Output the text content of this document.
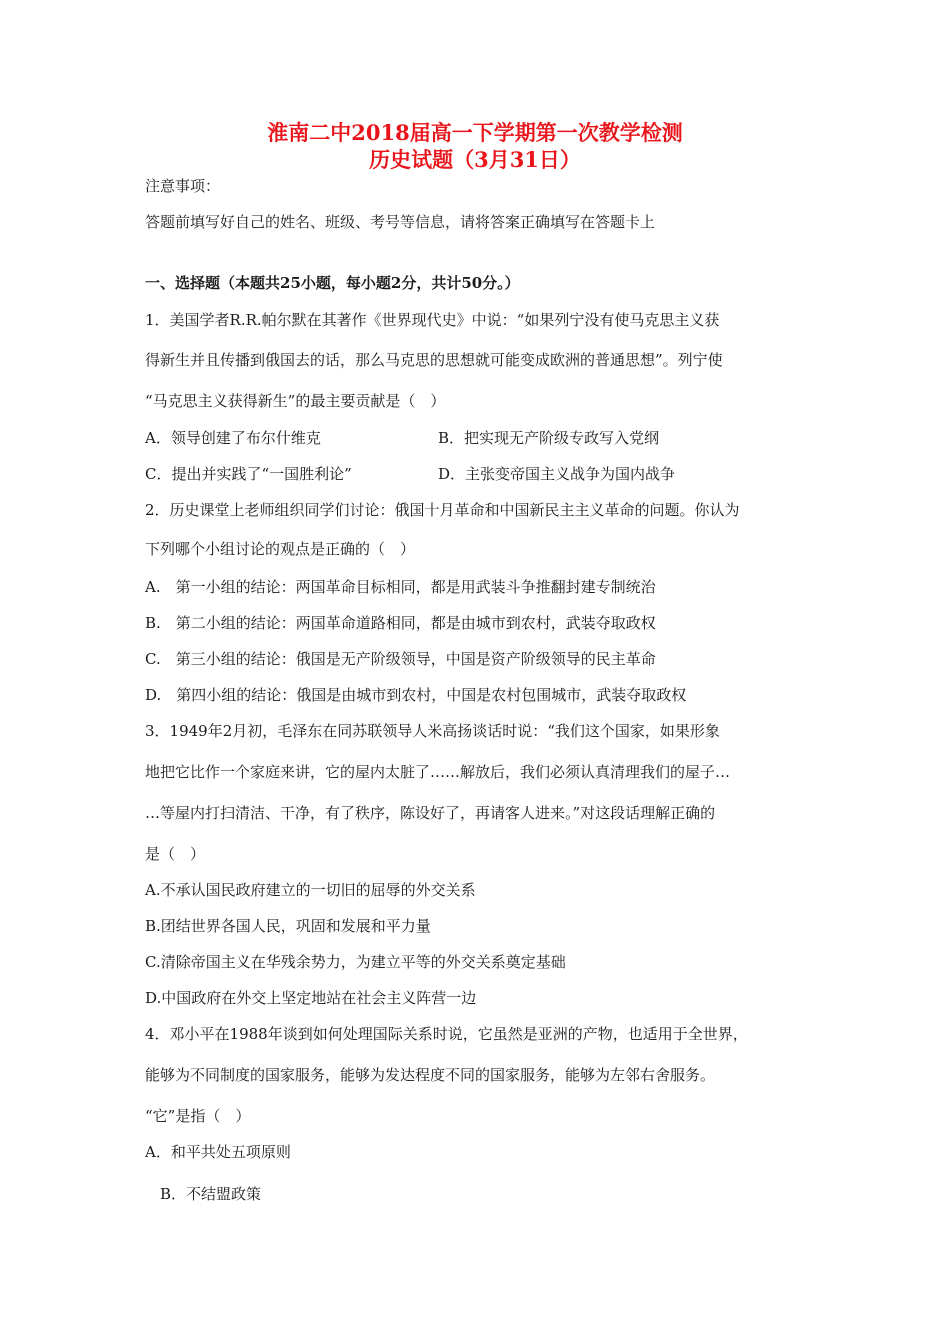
淮南二中2018届高一下学期第一次教学检测
历史试题（3月31日）
注意事项：
答题前填写好自己的姓名、班级、考号等信息，请将答案正确填写在答题卡上
一、选择题（本题共25小题，每小题2分，共计50分。）
1．美国学者R.R.帕尔默在其著作《世界现代史》中说：“如果列宁没有使马克思主义获
得新生并且传播到俄国去的话，那么马克思的思想就可能变成欧洲的普通思想”。列宁使
“马克思主义获得新生”的最主要贡献是（　）
A．领导创建了布尔什维克	B．把实现无产阶级专政写入党纲
C．提出并实践了“一国胜利论”	D．主张变帝国主义战争为国内战争
2．历史课堂上老师组织同学们讨论：俄国十月革命和中国新民主主义革命的问题。你认为
下列哪个小组讨论的观点是正确的（　）
A.　第一小组的结论：两国革命目标相同，都是用武装斗争推翻封建专制统治
B.　第二小组的结论：两国革命道路相同，都是由城市到农村，武装夺取政权
C.　第三小组的结论：俄国是无产阶级领导，中国是资产阶级领导的民主革命
D.　第四小组的结论：俄国是由城市到农村，中国是农村包围城市，武装夺取政权
3．1949年2月初，毛泽东在同苏联领导人米高扬谈话时说：“我们这个国家，如果形象
地把它比作一个家庭来讲，它的屋内太脏了……解放后，我们必须认真清理我们的屋子…
…等屋内打扫清洁、干净，有了秩序，陈设好了，再请客人进来。”对这段话理解正确的
是（　）
A.不承认国民政府建立的一切旧的屈辱的外交关系
B.团结世界各国人民，巩固和发展和平力量
C.清除帝国主义在华残余势力，为建立平等的外交关系奠定基础
D.中国政府在外交上坚定地站在社会主义阵营一边
4．邓小平在1988年谈到如何处理国际关系时说，它虽然是亚洲的产物，也适用于全世界，
能够为不同制度的国家服务，能够为发达程度不同的国家服务，能够为左邻右舍服务。
“它”是指（　）
A．和平共处五项原则
B．不结盟政策
